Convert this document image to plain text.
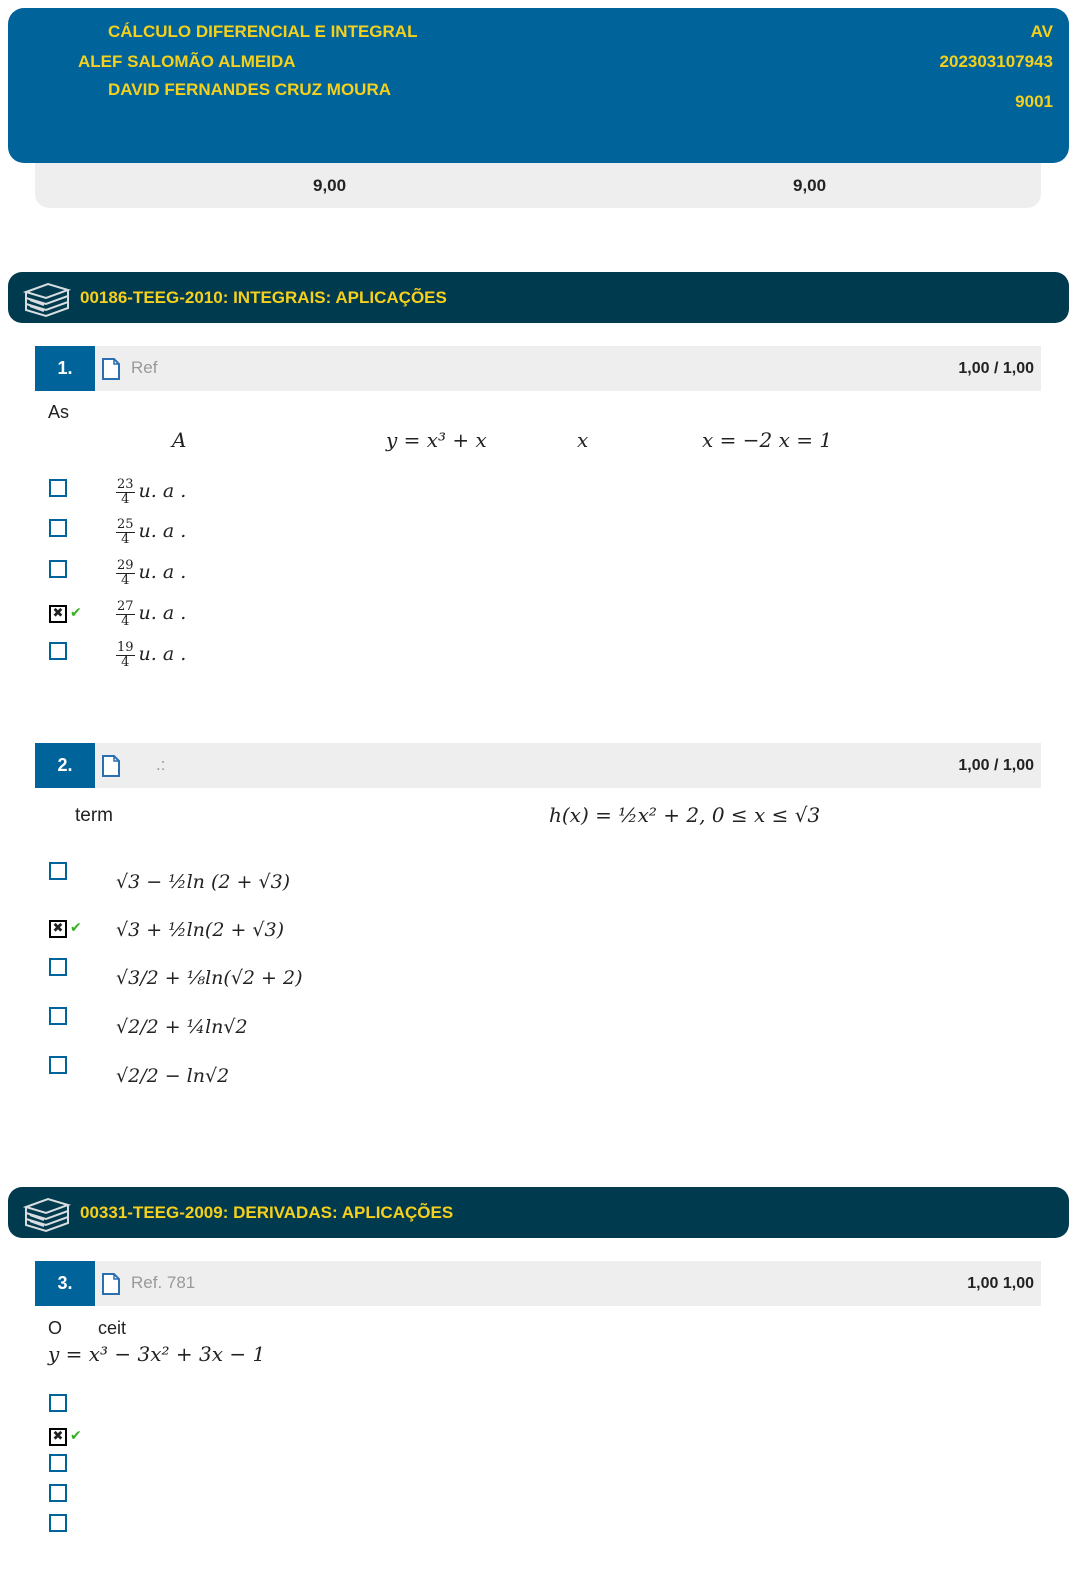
CÁLCULO DIFERENCIAL E INTEGRAL
ALEF SALOMÃO ALMEIDA
DAVID FERNANDES CRUZ MOURA
AV
202303107943
9001
9,00	9,00
00186-TEEG-2010: INTEGRAIS: APLICAÇÕES
1.	Ref	1,00 / 1,00
As
A	y = x³ + x	x	x = −2 x = 1
$\frac{23}{4} u$. a .
$\frac{25}{4} u$. a .
$\frac{29}{4} u$. a .
✖ ✔	$\frac{27}{4} u$. a .
$\frac{19}{4} u$. a .
2.	.:	1,00 / 1,00
term	h(x) = ½x² + 2, 0 ≤ x ≤ √3
√3 − ½ln (2 + √3)
✖ ✔ √3 + ½ln(2 + √3)
√3/2 + ⅛ln(√2 + 2)
√2/2 + ¼ln√2
√2/2 − ln√2
00331-TEEG-2009: DERIVADAS: APLICAÇÕES
3.	Ref. 781	1,00 1,00
O ceit
y = x³ − 3x² + 3x − 1
✖ ✔
